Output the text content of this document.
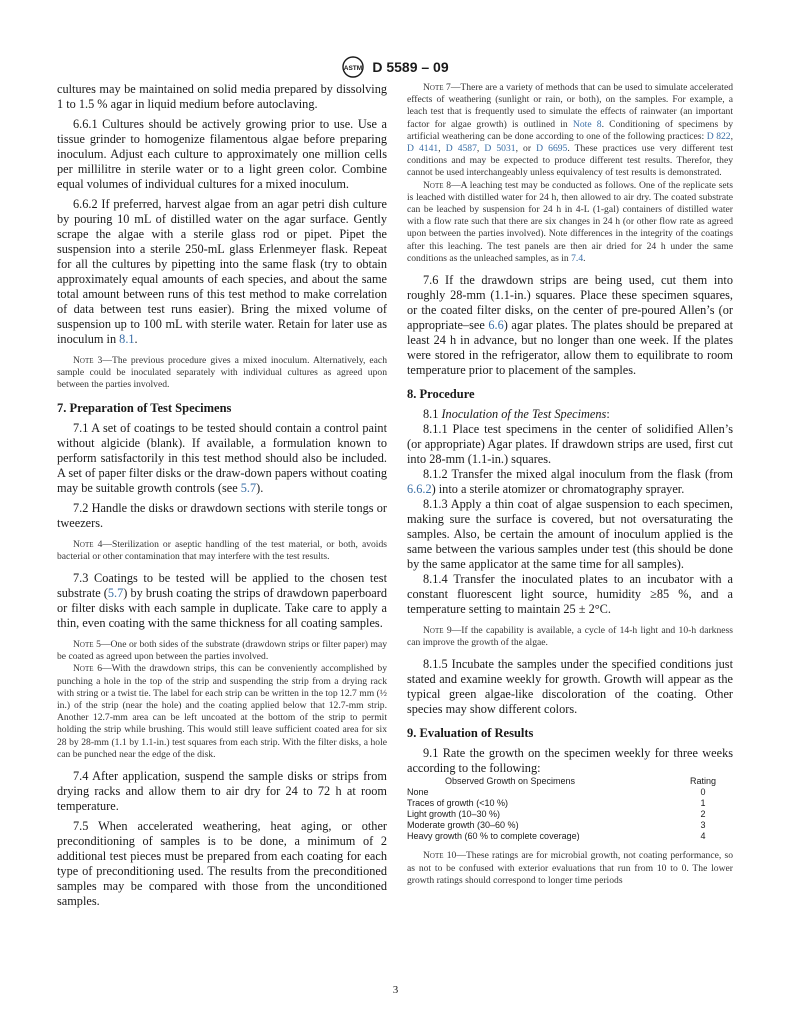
ASTM D 5589 – 09

cultures may be maintained on solid media prepared by dissolving 1 to 1.5 % agar in liquid medium before autoclaving.

6.6.1 Cultures should be actively growing prior to use. Use a tissue grinder to homogenize filamentous algae before preparing inoculum. Adjust each culture to approximately one million cells per millilitre in sterile water or to a light green color. Combine equal volumes of individual cultures for a mixed inoculum.

6.6.2 If preferred, harvest algae from an agar petri dish culture by pouring 10 mL of distilled water on the agar surface. Gently scrape the algae with a sterile glass rod or pipet. Pipet the suspension into a sterile 250-mL glass Erlenmeyer flask. Repeat for all the cultures by pipetting into the same flask (try to obtain approximately equal amounts of each species, and about the same total amount between runs of this test method to make correlation of data between test runs easier). Bring the mixed volume of suspension up to 100 mL with sterile water. Retain for later use as inoculum in 8.1.

Note 3—The previous procedure gives a mixed inoculum. Alternatively, each sample could be inoculated separately with individual cultures as agreed upon between the parties involved.

7. Preparation of Test Specimens

7.1 A set of coatings to be tested should contain a control paint without algicide (blank). If available, a formulation known to perform satisfactorily in this test method should also be included. A set of paper filter disks or the draw-down papers without coating may be suitable growth controls (see 5.7).

7.2 Handle the disks or drawdown sections with sterile tongs or tweezers.

Note 4—Sterilization or aseptic handling of the test material, or both, avoids bacterial or other contamination that may interfere with the test results.

7.3 Coatings to be tested will be applied to the chosen test substrate (5.7) by brush coating the strips of drawdown paperboard or filter disks with each sample in duplicate. Take care to apply a thin, even coating with the same thickness for all coating samples.

Note 5—One or both sides of the substrate (drawdown strips or filter paper) may be coated as agreed upon between the parties involved.

Note 6—With the drawdown strips, this can be conveniently accomplished by punching a hole in the top of the strip and suspending the strip from a drying rack with string or a twist tie. The label for each strip can be written in the top 12.7 mm (½ in.) of the strip (near the hole) and the coating applied below that 12.7-mm strip. Another 12.7-mm area can be left uncoated at the bottom of the strip to permit holding the strip while brushing. This would still leave sufficient coated area for six 28 by 28-mm (1.1 by 1.1-in.) test squares from each strip. With the filter disks, a hole can be punched near the edge of the disk.

7.4 After application, suspend the sample disks or strips from drying racks and allow them to air dry for 24 to 72 h at room temperature.

7.5 When accelerated weathering, heat aging, or other preconditioning of samples is to be done, a minimum of 2 additional test pieces must be prepared from each coating for each type of preconditioning used. The results from the preconditioned samples may be compared with those from the unconditioned samples.

Note 7—There are a variety of methods that can be used to simulate accelerated effects of weathering (sunlight or rain, or both), on the samples. For example, a leach test that is frequently used to simulate the effects of rainwater (an important factor for algae growth) is outlined in Note 8. Conditioning of specimens by artificial weathering can be done according to one of the following practices: D 822, D 4141, D 4587, D 5031, or D 6695. These practices use very different test conditions and may be expected to produce different test results. Therefor, they cannot be used interchangeably unless equivalency of test results is demonstrated.

Note 8—A leaching test may be conducted as follows. One of the replicate sets is leached with distilled water for 24 h, then allowed to air dry. The coated substrate can be leached by suspension for 24 h in 4-L (1-gal) containers of distilled water with a flow rate such that there are six changes in 24 h (or other flow rate as agreed upon between the parties involved). Note differences in the integrity of the coatings after this leaching. The test panels are then air dried for 24 h under the same conditions as the unleached samples, as in 7.4.

7.6 If the drawdown strips are being used, cut them into roughly 28-mm (1.1-in.) squares. Place these specimen squares, or the coated filter disks, on the center of pre-poured Allen’s (or appropriate–see 6.6) agar plates. The plates should be prepared at least 24 h in advance, but no longer than one week. If the plates were stored in the refrigerator, allow them to equilibrate to room temperature prior to placement of the samples.

8. Procedure

8.1 Inoculation of the Test Specimens:

8.1.1 Place test specimens in the center of solidified Allen’s (or appropriate) Agar plates. If drawdown strips are used, first cut into 28-mm (1.1-in.) squares.

8.1.2 Transfer the mixed algal inoculum from the flask (from 6.6.2) into a sterile atomizer or chromatography sprayer.

8.1.3 Apply a thin coat of algae suspension to each specimen, making sure the surface is covered, but not oversaturating the samples. Also, be certain the amount of inoculum applied is the same between the various samples under test (this should be done by the same applicator at the same time for all samples).

8.1.4 Transfer the inoculated plates to an incubator with a constant fluorescent light source, humidity ≥85 %, and a temperature setting to maintain 25 ± 2°C.

Note 9—If the capability is available, a cycle of 14-h light and 10-h darkness can improve the growth of the algae.

8.1.5 Incubate the samples under the specified conditions just stated and examine weekly for growth. Growth will appear as the typical green algae-like discoloration of the coating. Other species may show different colors.

9. Evaluation of Results

9.1 Rate the growth on the specimen weekly for three weeks according to the following:

Observed Growth on Specimens	Rating
None	0
Traces of growth (<10 %)	1
Light growth (10–30 %)	2
Moderate growth (30–60 %)	3
Heavy growth (60 % to complete coverage)	4

Note 10—These ratings are for microbial growth, not coating performance, so as not to be confused with exterior evaluations that run from 10 to 0. The lower growth ratings should correspond to longer time periods

3
